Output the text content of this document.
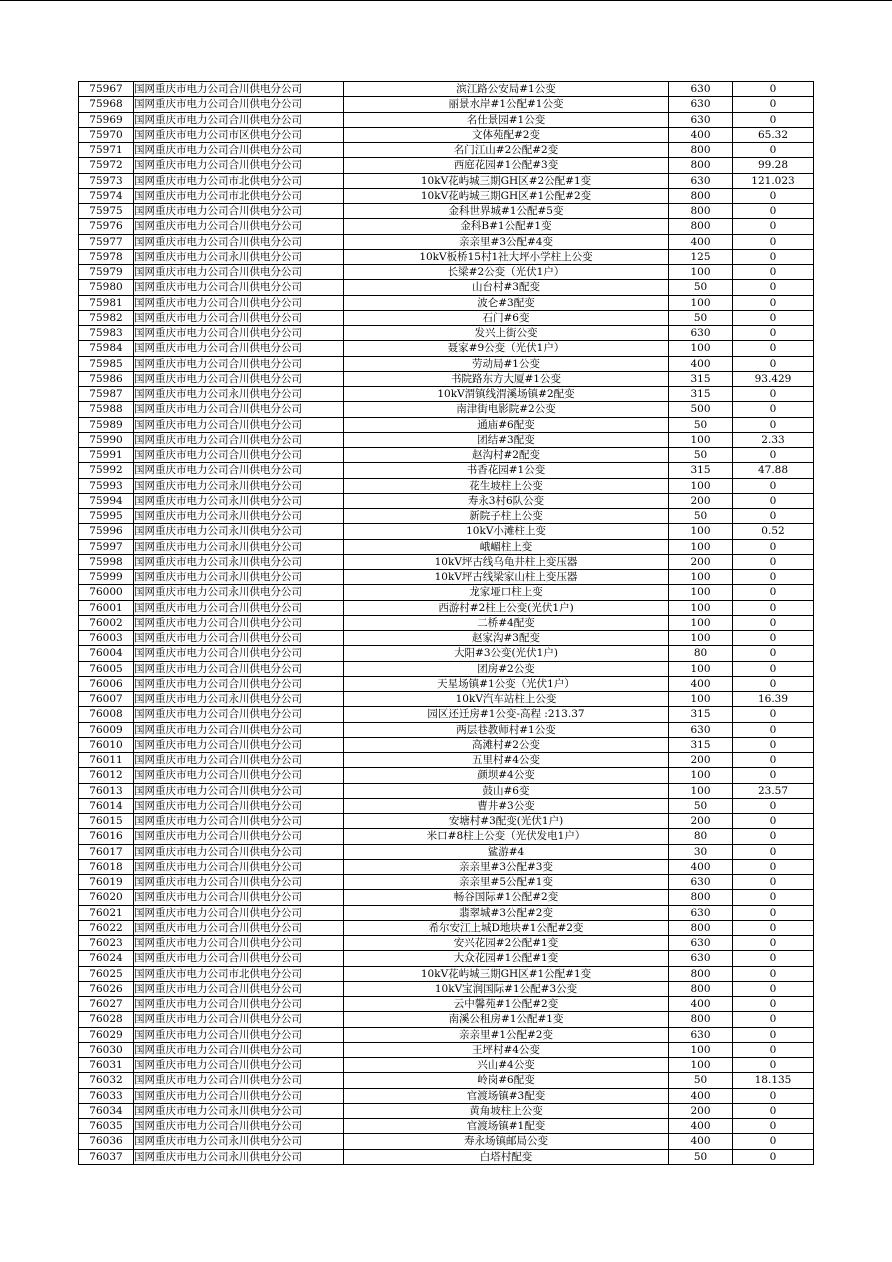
75967	国网重庆市电力公司合川供电分公司	滨江路公安局#1公变	630	0
75968	国网重庆市电力公司合川供电分公司	丽景水岸#1公配#1公变	630	0
75969	国网重庆市电力公司合川供电分公司	名仕景园#1公变	630	0
75970	国网重庆市电力公司市区供电分公司	文体苑配#2变	400	65.32
75971	国网重庆市电力公司合川供电分公司	名门江山#2公配#2变	800	0
75972	国网重庆市电力公司合川供电分公司	西庭花园#1公配#3变	800	99.28
75973	国网重庆市电力公司市北供电分公司	10kV花屿城三期GH区#2公配#1变	630	121.023
75974	国网重庆市电力公司市北供电分公司	10kV花屿城三期GH区#1公配#2变	800	0
75975	国网重庆市电力公司合川供电分公司	金科世界城#1公配#5变	800	0
75976	国网重庆市电力公司合川供电分公司	金科B#1公配#1变	800	0
75977	国网重庆市电力公司合川供电分公司	亲亲里#3公配#4变	400	0
75978	国网重庆市电力公司永川供电分公司	10kV板桥15村1社大坪小学柱上公变	125	0
75979	国网重庆市电力公司合川供电分公司	长梁#2公变（光伏1户）	100	0
75980	国网重庆市电力公司合川供电分公司	山台村#3配变	50	0
75981	国网重庆市电力公司合川供电分公司	波仑#3配变	100	0
75982	国网重庆市电力公司合川供电分公司	石门#6变	50	0
75983	国网重庆市电力公司合川供电分公司	发兴上街公变	630	0
75984	国网重庆市电力公司合川供电分公司	聂家#9公变（光伏1户）	100	0
75985	国网重庆市电力公司合川供电分公司	劳动局#1公变	400	0
75986	国网重庆市电力公司合川供电分公司	书院路东方大厦#1公变	315	93.429
75987	国网重庆市电力公司永川供电分公司	10kV渭镇线渭溪场镇#2配变	315	0
75988	国网重庆市电力公司合川供电分公司	南津街电影院#2公变	500	0
75989	国网重庆市电力公司合川供电分公司	通庙#6配变	50	0
75990	国网重庆市电力公司合川供电分公司	团结#3配变	100	2.33
75991	国网重庆市电力公司合川供电分公司	赵沟村#2配变	50	0
75992	国网重庆市电力公司合川供电分公司	书香花园#1公变	315	47.88
75993	国网重庆市电力公司永川供电分公司	花生坡柱上公变	100	0
75994	国网重庆市电力公司永川供电分公司	寿永3村6队公变	200	0
75995	国网重庆市电力公司永川供电分公司	新院子柱上公变	50	0
75996	国网重庆市电力公司永川供电分公司	10kV小滩柱上变	100	0.52
75997	国网重庆市电力公司永川供电分公司	峨嵋柱上变	100	0
75998	国网重庆市电力公司永川供电分公司	10kV坪古线乌龟井柱上变压器	200	0
75999	国网重庆市电力公司永川供电分公司	10kV坪古线梁家山柱上变压器	100	0
76000	国网重庆市电力公司永川供电分公司	龙家垭口柱上变	100	0
76001	国网重庆市电力公司合川供电分公司	西游村#2柱上公变(光伏1户)	100	0
76002	国网重庆市电力公司合川供电分公司	二桥#4配变	100	0
76003	国网重庆市电力公司合川供电分公司	赵家沟#3配变	100	0
76004	国网重庆市电力公司合川供电分公司	大阳#3公变(光伏1户)	80	0
76005	国网重庆市电力公司合川供电分公司	团房#2公变	100	0
76006	国网重庆市电力公司合川供电分公司	天星场镇#1公变（光伏1户）	400	0
76007	国网重庆市电力公司永川供电分公司	10kV汽车站柱上公变	100	16.39
76008	国网重庆市电力公司合川供电分公司	园区还迁房#1公变-高程 :213.37	315	0
76009	国网重庆市电力公司合川供电分公司	两层巷教师村#1公变	630	0
76010	国网重庆市电力公司合川供电分公司	高滩村#2公变	315	0
76011	国网重庆市电力公司合川供电分公司	五里村#4公变	200	0
76012	国网重庆市电力公司合川供电分公司	颜坝#4公变	100	0
76013	国网重庆市电力公司合川供电分公司	鼓山#6变	100	23.57
76014	国网重庆市电力公司合川供电分公司	曹井#3公变	50	0
76015	国网重庆市电力公司合川供电分公司	安塘村#3配变(光伏1户)	200	0
76016	国网重庆市电力公司合川供电分公司	米口#8柱上公变（光伏发电1户）	80	0
76017	国网重庆市电力公司合川供电分公司	鲨游#4	30	0
76018	国网重庆市电力公司合川供电分公司	亲亲里#3公配#3变	400	0
76019	国网重庆市电力公司合川供电分公司	亲亲里#5公配#1变	630	0
76020	国网重庆市电力公司合川供电分公司	畅谷国际#1公配#2变	800	0
76021	国网重庆市电力公司合川供电分公司	翡翠城#3公配#2变	630	0
76022	国网重庆市电力公司合川供电分公司	希尔安江上城D地块#1公配#2变	800	0
76023	国网重庆市电力公司合川供电分公司	安兴花园#2公配#1变	630	0
76024	国网重庆市电力公司合川供电分公司	大众花园#1公配#1变	630	0
76025	国网重庆市电力公司市北供电分公司	10kV花屿城三期GH区#1公配#1变	800	0
76026	国网重庆市电力公司合川供电分公司	10kV宝润国际#1公配#3公变	800	0
76027	国网重庆市电力公司合川供电分公司	云中馨苑#1公配#2变	400	0
76028	国网重庆市电力公司合川供电分公司	南溪公租房#1公配#1变	800	0
76029	国网重庆市电力公司合川供电分公司	亲亲里#1公配#2变	630	0
76030	国网重庆市电力公司合川供电分公司	王坪村#4公变	100	0
76031	国网重庆市电力公司合川供电分公司	兴山#4公变	100	0
76032	国网重庆市电力公司合川供电分公司	岭岗#6配变	50	18.135
76033	国网重庆市电力公司合川供电分公司	官渡场镇#3配变	400	0
76034	国网重庆市电力公司永川供电分公司	黄角坡柱上公变	200	0
76035	国网重庆市电力公司合川供电分公司	官渡场镇#1配变	400	0
76036	国网重庆市电力公司永川供电分公司	寿永场镇邮局公变	400	0
76037	国网重庆市电力公司永川供电分公司	白塔村配变	50	0
